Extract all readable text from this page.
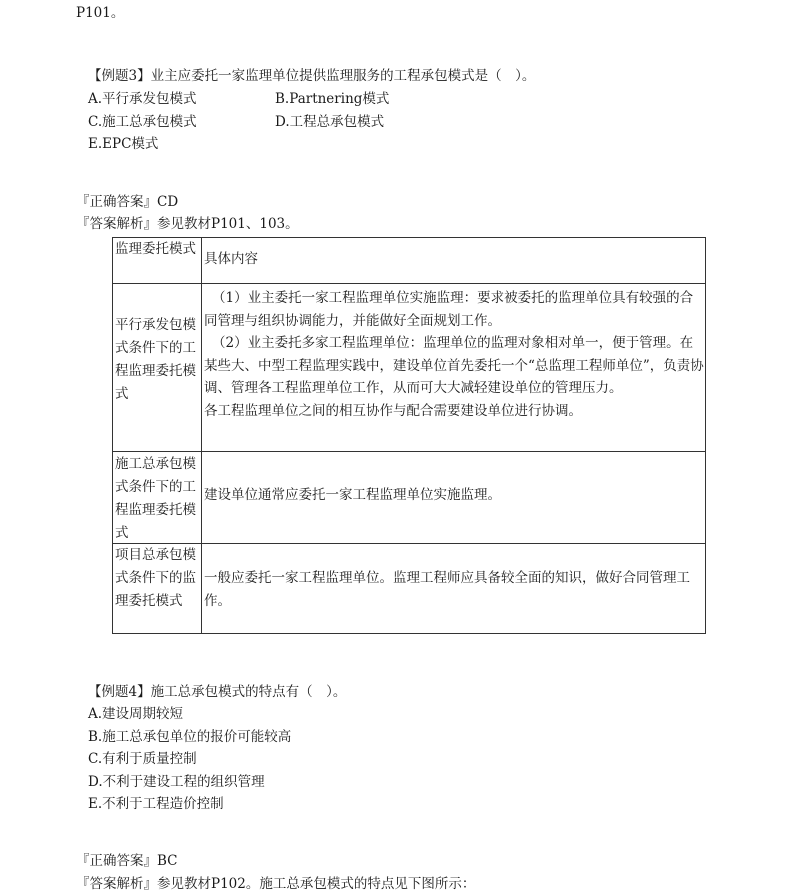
P101。
【例题3】业主应委托一家监理单位提供监理服务的工程承包模式是（　）。
A.平行承发包模式	B.Partnering模式
C.施工总承包模式	D.工程总承包模式
E.EPC模式
『正确答案』CD
『答案解析』参见教材P101、103。
监理委托模式
具体内容
平行承发包模式条件下的工程监理委托模式
（1）业主委托一家工程监理单位实施监理：要求被委托的监理单位具有较强的合同管理与组织协调能力，并能做好全面规划工作。
（2）业主委托多家工程监理单位：监理单位的监理对象相对单一，便于管理。在某些大、中型工程监理实践中，建设单位首先委托一个“总监理工程师单位”，负责协调、管理各工程监理单位工作，从而可大大减轻建设单位的管理压力。
各工程监理单位之间的相互协作与配合需要建设单位进行协调。
施工总承包模式条件下的工程监理委托模式
建设单位通常应委托一家工程监理单位实施监理。
项目总承包模式条件下的监理委托模式
一般应委托一家工程监理单位。监理工程师应具备较全面的知识，做好合同管理工作。
【例题4】施工总承包模式的特点有（　）。
A.建设周期较短
B.施工总承包单位的报价可能较高
C.有利于质量控制
D.不利于建设工程的组织管理
E.不利于工程造价控制
『正确答案』BC
『答案解析』参见教材P102。施工总承包模式的特点见下图所示：
